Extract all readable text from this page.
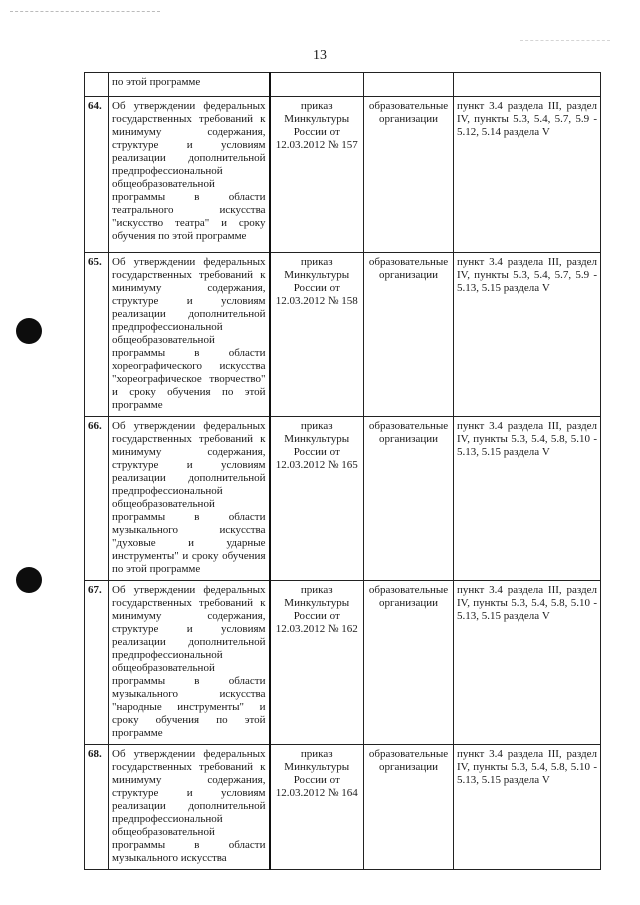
13
	по этой программе			
64.	Об утверждении федеральных государственных требований к минимуму содержания, структуре и условиям реализации дополнительной предпрофессиональной общеобразовательной программы в области театрального искусства "искусство театра" и сроку обучения по этой программе	приказ Минкультуры России от 12.03.2012 № 157	образовательные организации	пункт 3.4 раздела III, раздел IV, пункты 5.3, 5.4, 5.7, 5.9 - 5.12, 5.14 раздела V
65.	Об утверждении федеральных государственных требований к минимуму содержания, структуре и условиям реализации дополнительной предпрофессиональной общеобразовательной программы в области хореографического искусства "хореографическое творчество" и сроку обучения по этой программе	приказ Минкультуры России от 12.03.2012 № 158	образовательные организации	пункт 3.4 раздела III, раздел IV, пункты 5.3, 5.4, 5.7, 5.9 - 5.13, 5.15 раздела V
66.	Об утверждении федеральных государственных требований к минимуму содержания, структуре и условиям реализации дополнительной предпрофессиональной общеобразовательной программы в области музыкального искусства "духовые и ударные инструменты" и сроку обучения по этой программе	приказ Минкультуры России от 12.03.2012 № 165	образовательные организации	пункт 3.4 раздела III, раздел IV, пункты 5.3, 5.4, 5.8, 5.10 - 5.13, 5.15 раздела V
67.	Об утверждении федеральных государственных требований к минимуму содержания, структуре и условиям реализации дополнительной предпрофессиональной общеобразовательной программы в области музыкального искусства "народные инструменты" и сроку обучения по этой программе	приказ Минкультуры России от 12.03.2012 № 162	образовательные организации	пункт 3.4 раздела III, раздел IV, пункты 5.3, 5.4, 5.8, 5.10 - 5.13, 5.15 раздела V
68.	Об утверждении федеральных государственных требований к минимуму содержания, структуре и условиям реализации дополнительной предпрофессиональной общеобразовательной программы в области музыкального искусства	приказ Минкультуры России от 12.03.2012 № 164	образовательные организации	пункт 3.4 раздела III, раздел IV, пункты 5.3, 5.4, 5.8, 5.10 - 5.13, 5.15 раздела V
